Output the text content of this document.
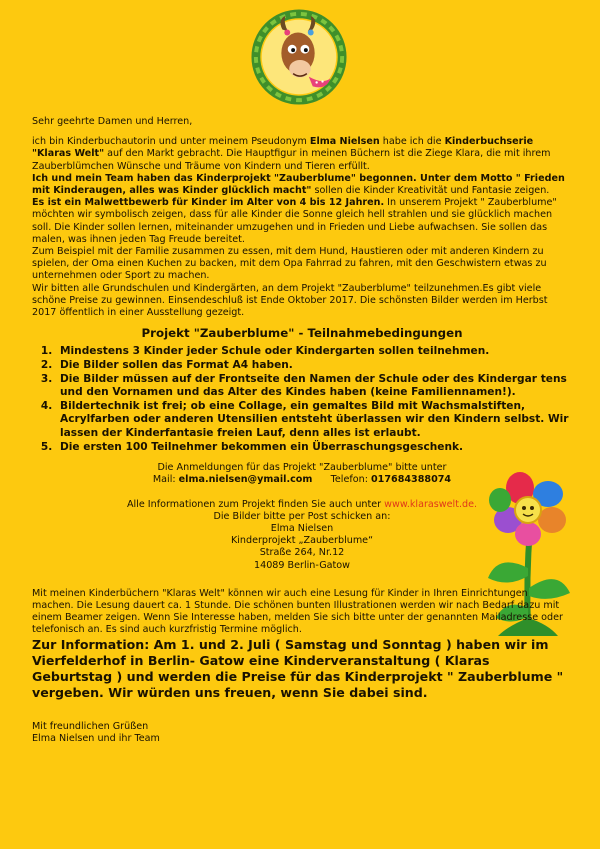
Sehr geehrte Damen und Herren,

ich bin Kinderbuchautorin und unter meinem Pseudonym Elma Nielsen habe ich die Kinderbuchserie "Klaras Welt" auf den Markt gebracht. Die Hauptfigur in meinen Büchern ist die Ziege Klara, die mit ihrem Zauberblümchen Wünsche und Träume von Kindern und Tieren erfüllt.

Ich und mein Team haben das Kinderprojekt "Zauberblume" begonnen. Unter dem Motto " Frieden mit Kinderaugen, alles was Kinder glücklich macht" sollen die Kinder Kreativität und Fantasie zeigen.

Es ist ein Malwettbewerb für Kinder im Alter von 4 bis 12 Jahren. In unserem Projekt " Zauberblume" möchten wir symbolisch zeigen, dass für alle Kinder die Sonne gleich hell strahlen und sie glücklich machen soll. Die Kinder sollen lernen, miteinander umzugehen und in Frieden und Liebe aufwachsen. Sie sollen das malen, was ihnen jeden Tag Freude bereitet.

Zum Beispiel mit der Familie zusammen zu essen, mit dem Hund, Haustieren oder mit anderen Kindern zu spielen, der Oma einen Kuchen zu backen, mit dem Opa Fahrrad zu fahren, mit den Geschwistern etwas zu unternehmen oder Sport zu machen.

Wir bitten alle Grundschulen und Kindergärten, an dem Projekt "Zauberblume" teilzunehmen.Es gibt viele schöne Preise zu gewinnen. Einsendeschluß ist Ende Oktober 2017. Die schönsten Bilder werden im Herbst 2017 öffentlich in einer Ausstellung gezeigt.

Projekt "Zauberblume" - Teilnahmebedingungen
1. Mindestens 3 Kinder jeder Schule oder Kindergarten sollen teilnehmen.
2. Die Bilder sollen das Format A4 haben.
3. Die Bilder müssen auf der Frontseite den Namen der Schule oder des Kindergar tens und den Vornamen und das Alter des Kindes haben (keine Familiennamen!).
4. Bildertechnik ist frei; ob eine Collage, ein gemaltes Bild mit Wachsmalstiften, Acrylfarben oder anderen Utensilien entsteht überlassen wir den Kindern selbst. Wir lassen der Kinderfantasie freien Lauf, denn alles ist erlaubt.
5. Die ersten 100 Teilnehmer bekommen ein Überraschungsgeschenk.

Die Anmeldungen für das Projekt "Zauberblume" bitte unter

Mail: elma.nielsen@ymail.com Telefon: 017684388074

Alle Informationen zum Projekt finden Sie auch unter www.klaraswelt.de.

Die Bilder bitte per Post schicken an:

Elma Nielsen

Kinderprojekt „Zauberblume“

Straße 264, Nr.12

14089 Berlin-Gatow

Mit meinen Kinderbüchern "Klaras Welt" können wir auch eine Lesung für Kinder in Ihren Einrichtungen machen. Die Lesung dauert ca. 1 Stunde. Die schönen bunten Illustrationen werden wir nach Bedarf dazu mit einem Beamer zeigen. Wenn Sie Interesse haben, melden Sie sich bitte unter der genannten Mailadresse oder telefonisch an. Es sind auch kurzfristig Termine möglich.

Zur Information: Am 1. und 2. Juli ( Samstag und Sonntag ) haben wir im Vierfelderhof in Berlin- Gatow eine Kinderveranstaltung ( Klaras Geburtstag ) und werden die Preise für das Kinderprojekt " Zauberblume " vergeben. Wir würden uns freuen, wenn Sie dabei sind.

Mit freundlichen Grüßen

Elma Nielsen und ihr Team
